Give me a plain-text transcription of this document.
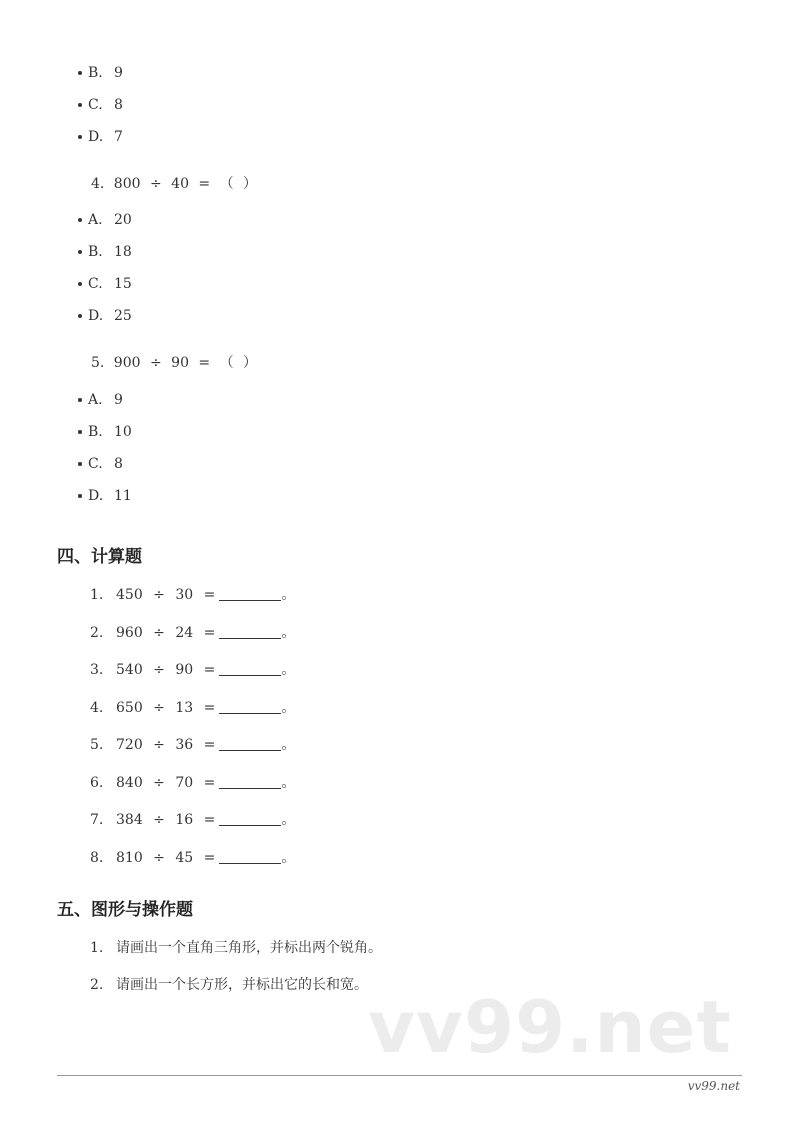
B. 9
C. 8
D. 7
4. 800 ÷ 40 = （ ）
A. 20
B. 18
C. 15
D. 25
5. 900 ÷ 90 = （ ）
A. 9
B. 10
C. 8
D. 11
四、计算题
1. 450 ÷ 30 =	。
2. 960 ÷ 24 =	。
3. 540 ÷ 90 =	。
4. 650 ÷ 13 =	。
5. 720 ÷ 36 =	。
6. 840 ÷ 70 =	。
7. 384 ÷ 16 =	。
8. 810 ÷ 45 =	。
五、图形与操作题
1. 请画出一个直角三角形，并标出两个锐角。
2. 请画出一个长方形，并标出它的长和宽。 vv99.net
vv99.net
